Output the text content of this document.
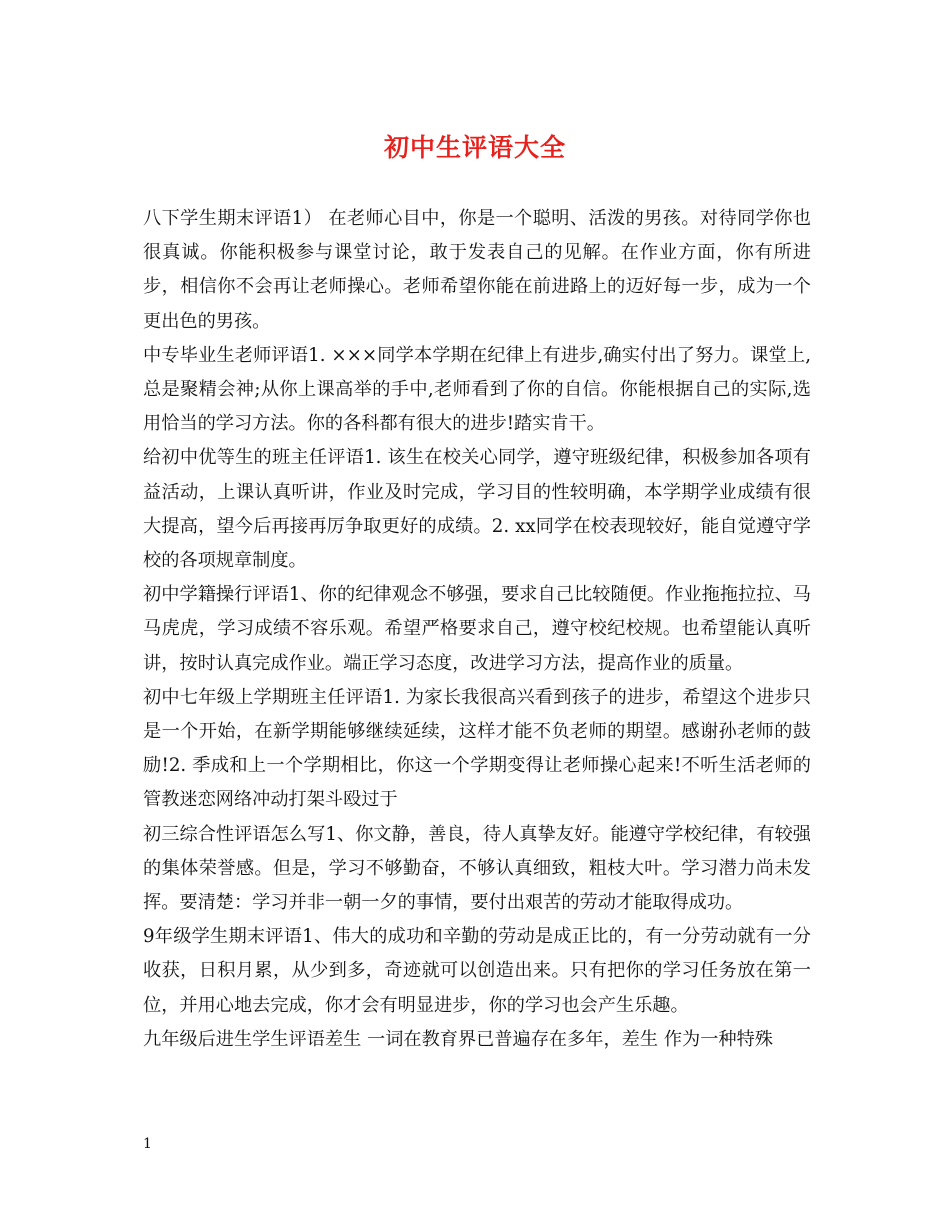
初中生评语大全

八下学生期末评语1） 在老师心目中，你是一个聪明、活泼的男孩。对待同学你也很真诚。你能积极参与课堂讨论，敢于发表自己的见解。在作业方面，你有所进步，相信你不会再让老师操心。老师希望你能在前进路上的迈好每一步，成为一个更出色的男孩。

中专毕业生老师评语1. ×××同学本学期在纪律上有进步,确实付出了努力。课堂上,总是聚精会神;从你上课高举的手中,老师看到了你的自信。你能根据自己的实际,选用恰当的学习方法。你的各科都有很大的进步!踏实肯干。

给初中优等生的班主任评语1. 该生在校关心同学，遵守班级纪律，积极参加各项有益活动，上课认真听讲，作业及时完成，学习目的性较明确，本学期学业成绩有很大提高，望今后再接再厉争取更好的成绩。2. xx同学在校表现较好，能自觉遵守学校的各项规章制度。

初中学籍操行评语1、你的纪律观念不够强，要求自己比较随便。作业拖拖拉拉、马马虎虎，学习成绩不容乐观。希望严格要求自己，遵守校纪校规。也希望能认真听讲，按时认真完成作业。端正学习态度，改进学习方法，提高作业的质量。

初中七年级上学期班主任评语1. 为家长我很高兴看到孩子的进步，希望这个进步只是一个开始，在新学期能够继续延续，这样才能不负老师的期望。感谢孙老师的鼓励!2. 季成和上一个学期相比，你这一个学期变得让老师操心起来!不听生活老师的管教迷恋网络冲动打架斗殴过于

初三综合性评语怎么写1、你文静，善良，待人真挚友好。能遵守学校纪律，有较强的集体荣誉感。但是，学习不够勤奋，不够认真细致，粗枝大叶。学习潜力尚未发挥。要清楚：学习并非一朝一夕的事情，要付出艰苦的劳动才能取得成功。

9年级学生期末评语1、伟大的成功和辛勤的劳动是成正比的，有一分劳动就有一分收获，日积月累，从少到多，奇迹就可以创造出来。只有把你的学习任务放在第一位，并用心地去完成，你才会有明显进步，你的学习也会产生乐趣。

九年级后进生学生评语差生 一词在教育界已普遍存在多年，差生 作为一种特殊

1
